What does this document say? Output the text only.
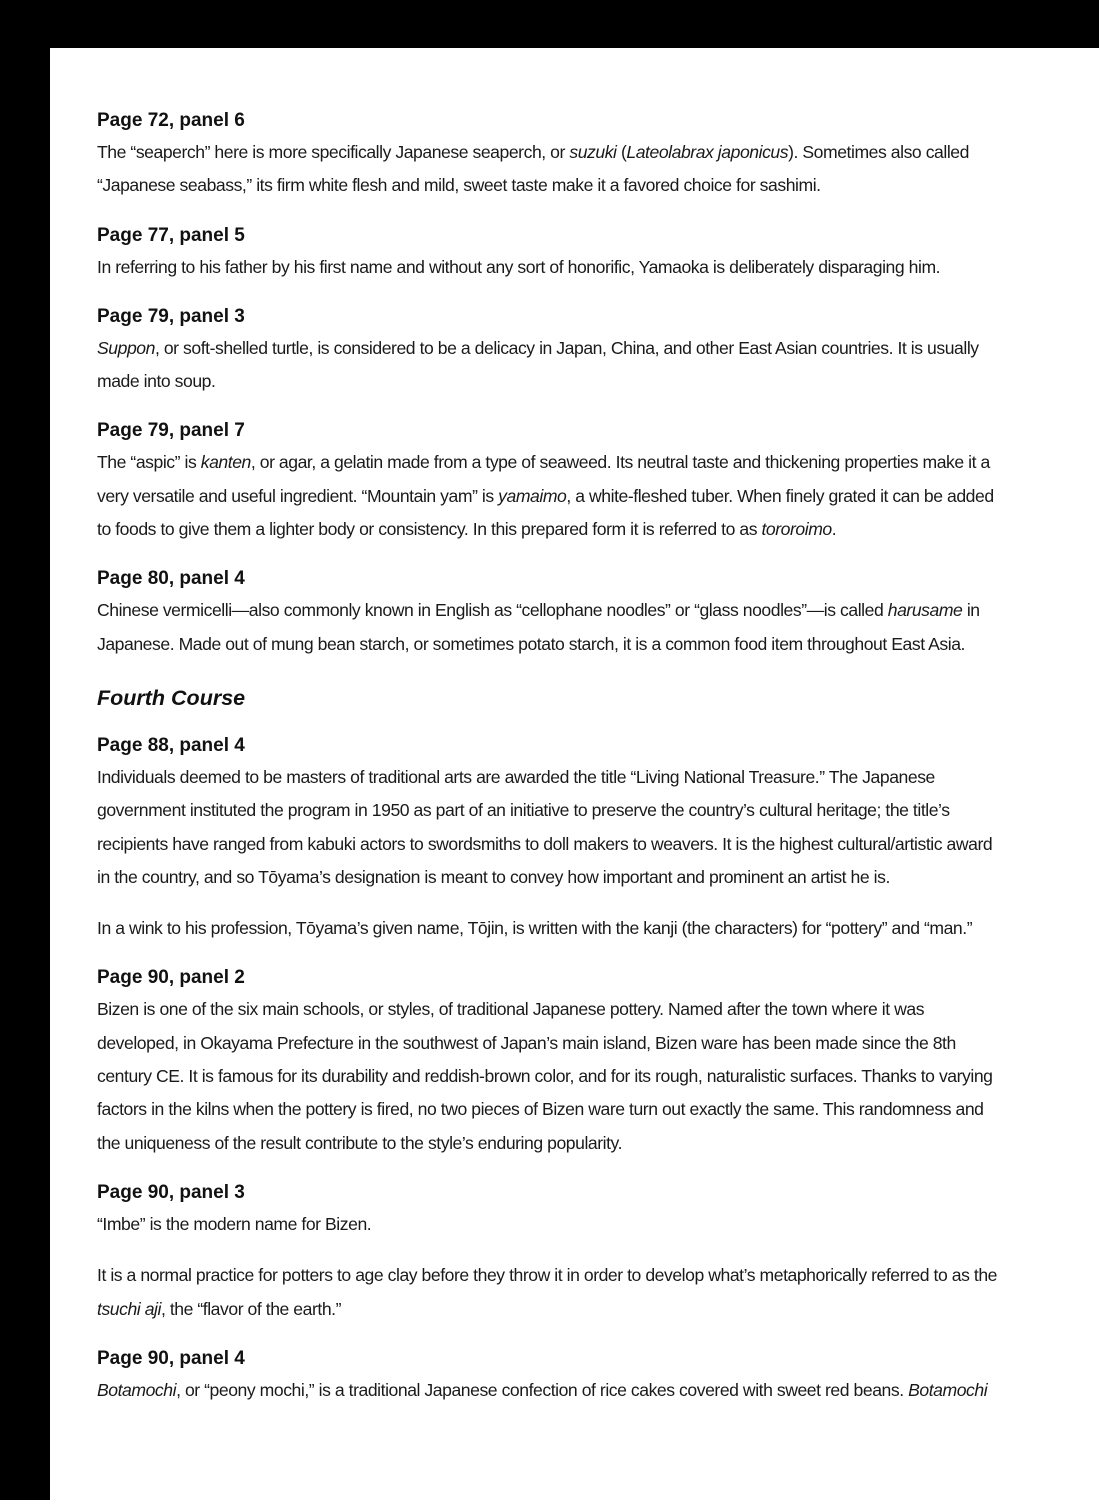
Page 72, panel 6

The “seaperch” here is more specifically Japanese seaperch, or suzuki (Lateolabrax japonicus). Sometimes also called “Japanese seabass,” its firm white flesh and mild, sweet taste make it a favored choice for sashimi.

Page 77, panel 5

In referring to his father by his first name and without any sort of honorific, Yamaoka is deliberately disparaging him.

Page 79, panel 3

Suppon, or soft-shelled turtle, is considered to be a delicacy in Japan, China, and other East Asian countries. It is usually made into soup.

Page 79, panel 7

The “aspic” is kanten, or agar, a gelatin made from a type of seaweed. Its neutral taste and thickening properties make it a very versatile and useful ingredient. “Mountain yam” is yamaimo, a white-fleshed tuber. When finely grated it can be added to foods to give them a lighter body or consistency. In this prepared form it is referred to as tororoimo.

Page 80, panel 4

Chinese vermicelli—also commonly known in English as “cellophane noodles” or “glass noodles”—is called harusame in Japanese. Made out of mung bean starch, or sometimes potato starch, it is a common food item throughout East Asia.

Fourth Course
Page 88, panel 4

Individuals deemed to be masters of traditional arts are awarded the title “Living National Treasure.” The Japanese government instituted the program in 1950 as part of an initiative to preserve the country’s cultural heritage; the title’s recipients have ranged from kabuki actors to swordsmiths to doll makers to weavers. It is the highest cultural/artistic award in the country, and so Tōyama’s designation is meant to convey how important and prominent an artist he is.

In a wink to his profession, Tōyama’s given name, Tōjin, is written with the kanji (the characters) for “pottery” and “man.”

Page 90, panel 2

Bizen is one of the six main schools, or styles, of traditional Japanese pottery. Named after the town where it was developed, in Okayama Prefecture in the southwest of Japan’s main island, Bizen ware has been made since the 8th century CE. It is famous for its durability and reddish-brown color, and for its rough, naturalistic surfaces. Thanks to varying factors in the kilns when the pottery is fired, no two pieces of Bizen ware turn out exactly the same. This randomness and the uniqueness of the result contribute to the style’s enduring popularity.

Page 90, panel 3

“Imbe” is the modern name for Bizen.

It is a normal practice for potters to age clay before they throw it in order to develop what’s metaphorically referred to as the tsuchi aji, the “flavor of the earth.”

Page 90, panel 4

Botamochi, or “peony mochi,” is a traditional Japanese confection of rice cakes covered with sweet red beans. Botamochi
